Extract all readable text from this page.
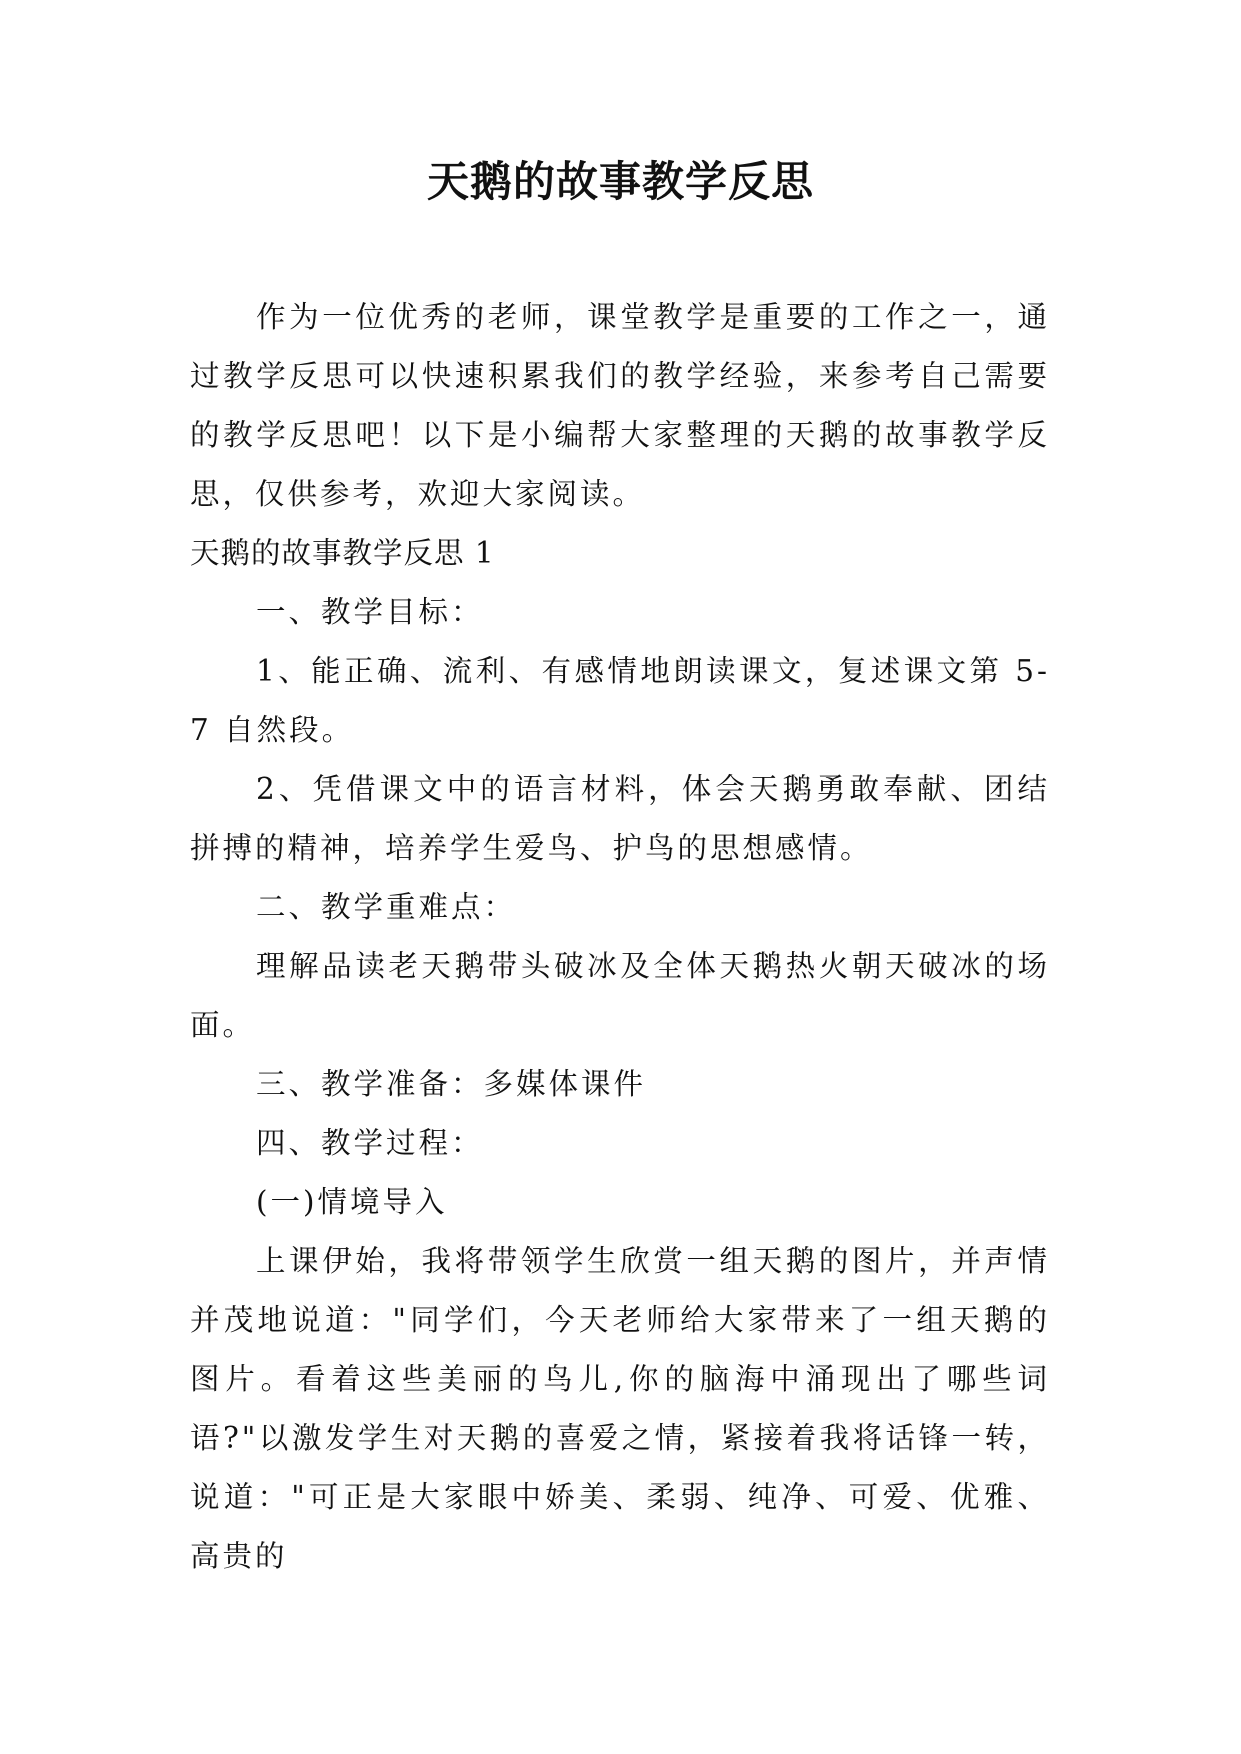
天鹅的故事教学反思

作为一位优秀的老师，课堂教学是重要的工作之一，通过教学反思可以快速积累我们的教学经验，来参考自己需要的教学反思吧！以下是小编帮大家整理的天鹅的故事教学反思，仅供参考，欢迎大家阅读。

天鹅的故事教学反思 1

一、教学目标：

1、能正确、流利、有感情地朗读课文，复述课文第 5-7 自然段。

2、凭借课文中的语言材料，体会天鹅勇敢奉献、团结拼搏的精神，培养学生爱鸟、护鸟的思想感情。

二、教学重难点：

理解品读老天鹅带头破冰及全体天鹅热火朝天破冰的场面。

三、教学准备：多媒体课件

四、教学过程：

(一)情境导入

上课伊始，我将带领学生欣赏一组天鹅的图片，并声情并茂地说道："同学们，今天老师给大家带来了一组天鹅的图片。看着这些美丽的鸟儿,你的脑海中涌现出了哪些词语?"以激发学生对天鹅的喜爱之情，紧接着我将话锋一转，说道："可正是大家眼中娇美、柔弱、纯净、可爱、优雅、高贵的
